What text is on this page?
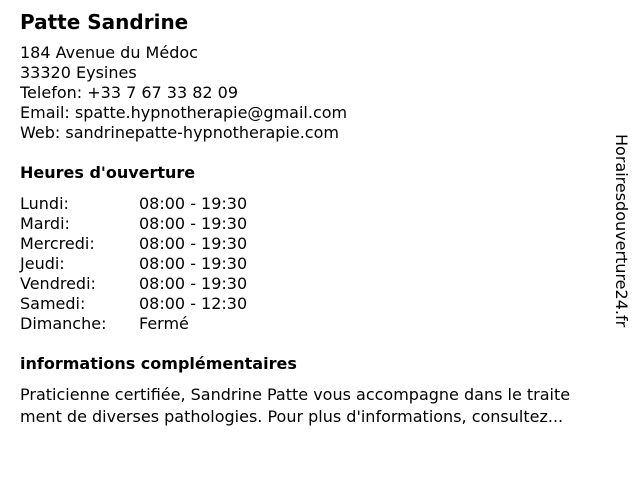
Patte Sandrine
184 Avenue du Médoc
33320 Eysines
Telefon: +33 7 67 33 82 09
Email: spatte.hypnotherapie@gmail.com
Web: sandrinepatte-hypnotherapie.com
Heures d'ouverture
Lundi:	08:00 - 19:30
Mardi:	08:00 - 19:30
Mercredi:	08:00 - 19:30
Jeudi:	08:00 - 19:30
Vendredi:	08:00 - 19:30
Samedi:	08:00 - 12:30
Dimanche: Fermé
informations complémentaires
Praticienne certifiée, Sandrine Patte vous accompagne dans le traite
ment de diverses pathologies. Pour plus d'informations, consultez...
Horairesdouverture24.fr
